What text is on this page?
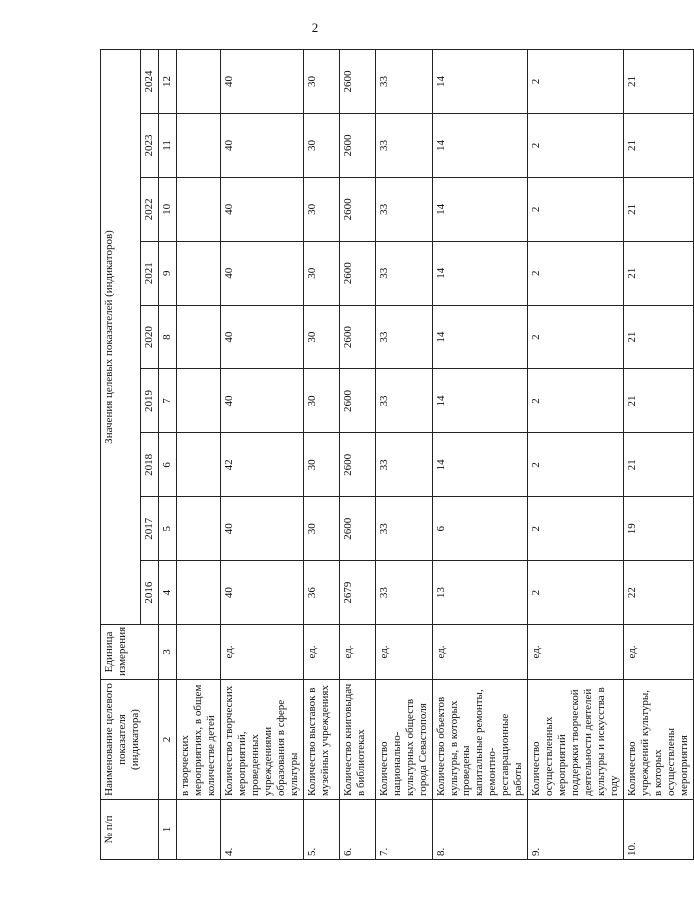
2
№ п/п	Наименование целевого показателя (индикатора)	Единица измерения	Значения целевых показателей (индикаторов)								
			2016	2017	2018	2019	2020	2021	2022	2023	2024
1	2	3	4	5	6	7	8	9	10	11	12
	в творческих мероприятиях, в общем количестве детей										
4.	Количество творческих мероприятий, проведенных учреждениями образования в сфере культуры	ед.	40	40	42	40	40	40	40	40	40
5.	Количество выставок в музейных учреждениях	ед.	36	30	30	30	30	30	30	30	30
6.	Количество книговыдач в библиотеках	ед.	2679	2600	2600	2600	2600	2600	2600	2600	2600
7.	Количество национально-культурных обществ города Севастополя	ед.	33	33	33	33	33	33	33	33	33
8.	Количество объектов культуры, в которых проведены капитальные ремонты, ремонтно-реставрационные работы	ед.	13	6	14	14	14	14	14	14	14
9.	Количество осуществленных мероприятий поддержки творческой деятельности деятелей культуры и искусства в году	ед.	2	2	2	2	2	2	2	2	2
10.	Количество учреждений культуры, в которых осуществлены мероприятия	ед.	22	19	21	21	21	21	21	21	21
